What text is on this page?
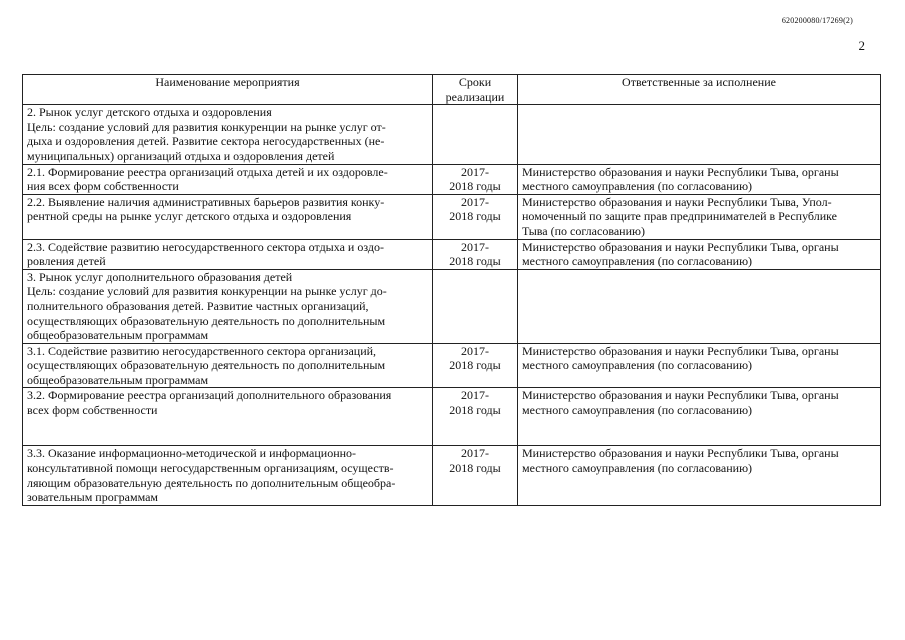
620200080/17269(2)
2
Наименование мероприятия	Сроки реализации	Ответственные за исполнение

2. Рынок услуг детского отдыха и оздоровления
Цель: создание условий для развития конкуренции на рынке услуг от-
дыха и оздоровления детей. Развитие сектора негосударственных (не-
муниципальных) организаций отдыха и оздоровления детей		

2.1. Формирование реестра организаций отдыха детей и их оздоровле-
ния всех форм собственности	2017-
2018 годы	Министерство образования и науки Республики Тыва, органы
местного самоуправления (по согласованию)

2.2. Выявление наличия административных барьеров развития конку-
рентной среды на рынке услуг детского отдыха и оздоровления	2017-
2018 годы	Министерство образования и науки Республики Тыва, Упол-
номоченный по защите прав предпринимателей в Республике
Тыва (по согласованию)

2.3. Содействие развитию негосударственного сектора отдыха и оздо-
ровления детей	2017-
2018 годы	Министерство образования и науки Республики Тыва, органы
местного самоуправления (по согласованию)

3. Рынок услуг дополнительного образования детей
Цель: создание условий для развития конкуренции на рынке услуг до-
полнительного образования детей. Развитие частных организаций,
осуществляющих образовательную деятельность по дополнительным
общеобразовательным программам		

3.1. Содействие развитию негосударственного сектора организаций,
осуществляющих образовательную деятельность по дополнительным
общеобразовательным программам	2017-
2018 годы	Министерство образования и науки Республики Тыва, органы
местного самоуправления (по согласованию)

3.2. Формирование реестра организаций дополнительного образования
всех форм собственности	2017-
2018 годы	Министерство образования и науки Республики Тыва, органы
местного самоуправления (по согласованию)

3.3. Оказание информационно-методической и информационно-
консультативной помощи негосударственным организациям, осуществ-
ляющим образовательную деятельность по дополнительным общеобра-
зовательным программам	2017-
2018 годы	Министерство образования и науки Республики Тыва, органы
местного самоуправления (по согласованию)
